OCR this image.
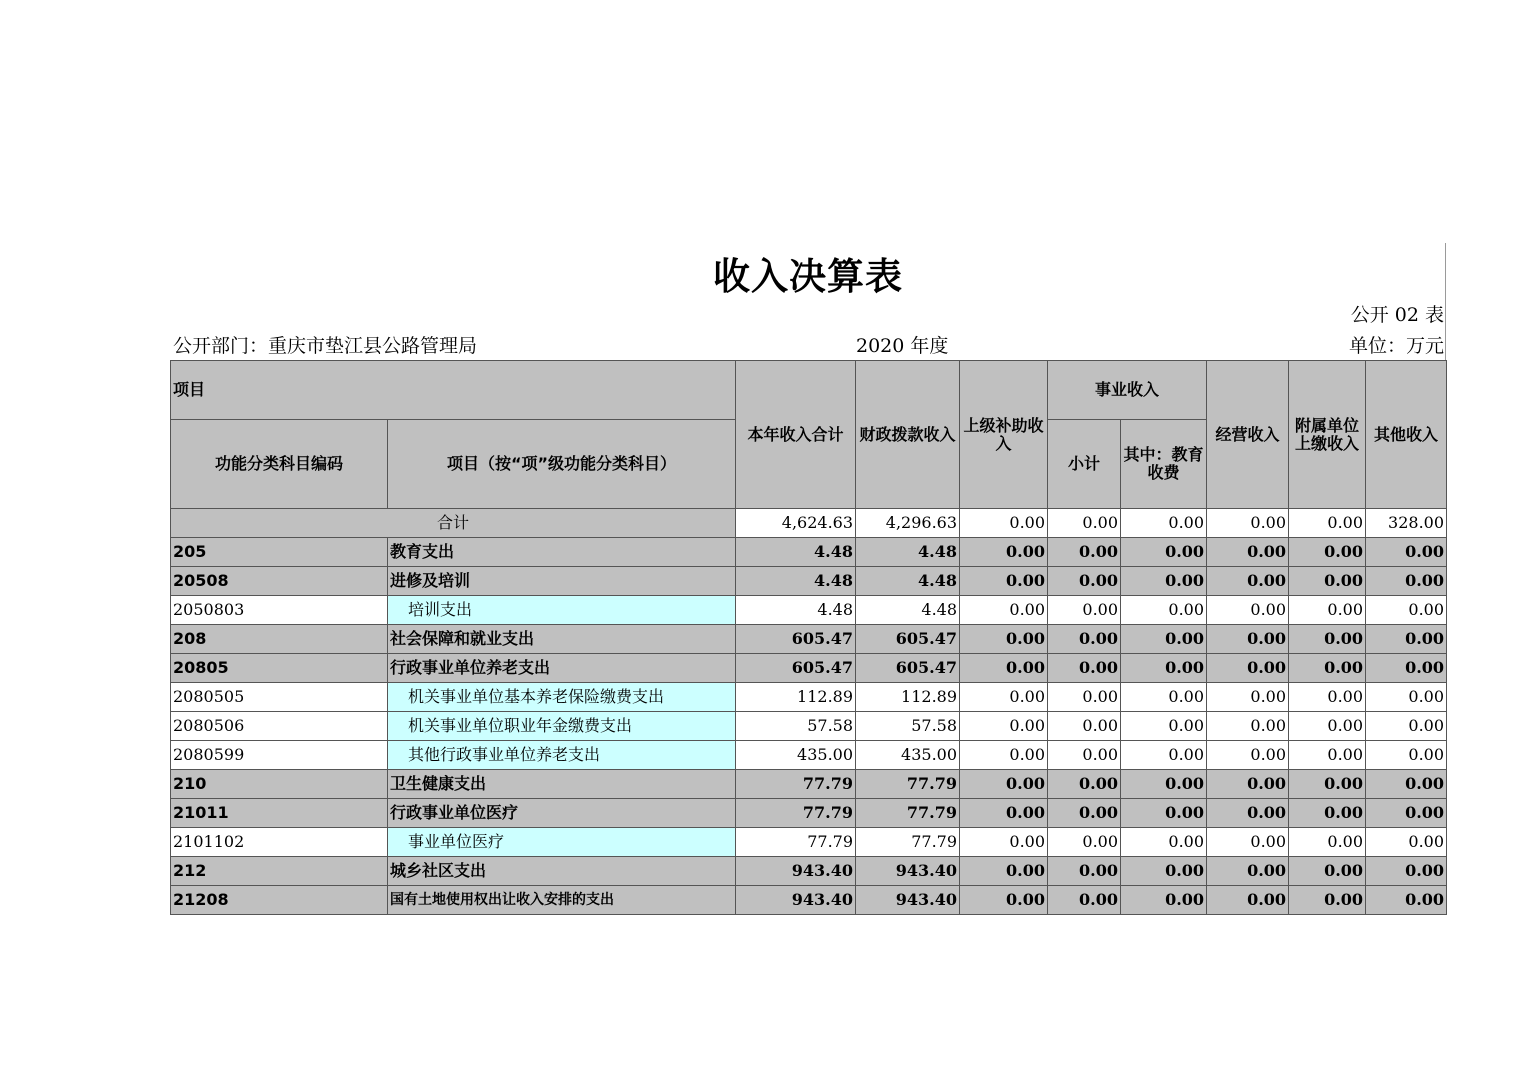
收入决算表
公开 02 表
公开部门：重庆市垫江县公路管理局	2020 年度	单位：万元
项目		本年收入合计	财政拨款收入	上级补助收入	事业收入		经营收入	附属单位上缴收入	其他收入
功能分类科目编码	项目（按“项”级功能分类科目）				小计	其中：教育收费			

合计		4,624.63	4,296.63	0.00	0.00	0.00	0.00	0.00	328.00
205	教育支出	4.48	4.48	0.00	0.00	0.00	0.00	0.00	0.00
20508	进修及培训	4.48	4.48	0.00	0.00	0.00	0.00	0.00	0.00
2050803	培训支出	4.48	4.48	0.00	0.00	0.00	0.00	0.00	0.00
208	社会保障和就业支出	605.47	605.47	0.00	0.00	0.00	0.00	0.00	0.00
20805	行政事业单位养老支出	605.47	605.47	0.00	0.00	0.00	0.00	0.00	0.00
2080505	机关事业单位基本养老保险缴费支出	112.89	112.89	0.00	0.00	0.00	0.00	0.00	0.00
2080506	机关事业单位职业年金缴费支出	57.58	57.58	0.00	0.00	0.00	0.00	0.00	0.00
2080599	其他行政事业单位养老支出	435.00	435.00	0.00	0.00	0.00	0.00	0.00	0.00
210	卫生健康支出	77.79	77.79	0.00	0.00	0.00	0.00	0.00	0.00
21011	行政事业单位医疗	77.79	77.79	0.00	0.00	0.00	0.00	0.00	0.00
2101102	事业单位医疗	77.79	77.79	0.00	0.00	0.00	0.00	0.00	0.00
212	城乡社区支出	943.40	943.40	0.00	0.00	0.00	0.00	0.00	0.00
21208	国有土地使用权出让收入安排的支出	943.40	943.40	0.00	0.00	0.00	0.00	0.00	0.00
